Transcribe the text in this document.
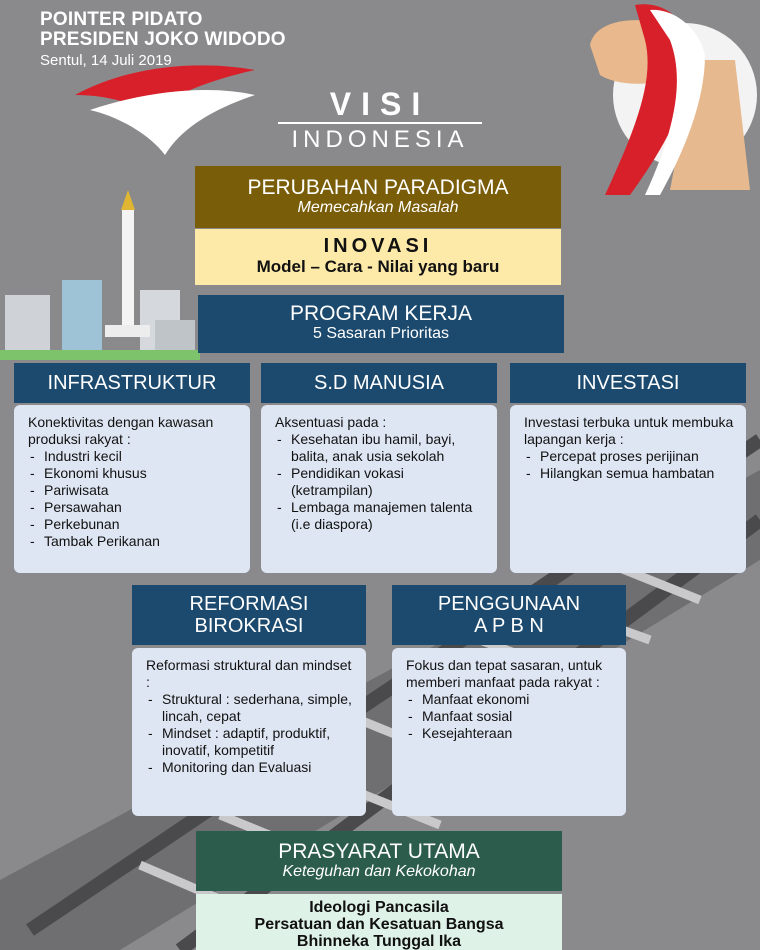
POINTER PIDATO
PRESIDEN JOKO WIDODO
Sentul, 14 Juli 2019
VISI
INDONESIA
PERUBAHAN PARADIGMA
Memecahkan Masalah
INOVASI
Model – Cara - Nilai yang baru
PROGRAM KERJA
5 Sasaran Prioritas
INFRASTRUKTUR
Konektivitas dengan kawasan produksi rakyat :
- Industri kecil
- Ekonomi khusus
- Pariwisata
- Persawahan
- Perkebunan
- Tambak Perikanan
S.D MANUSIA
Aksentuasi pada :
- Kesehatan ibu hamil, bayi, balita, anak usia sekolah
- Pendidikan vokasi (ketrampilan)
- Lembaga manajemen talenta (i.e diaspora)
INVESTASI
Investasi terbuka untuk membuka lapangan kerja :
- Percepat proses perijinan
- Hilangkan semua hambatan
REFORMASI
BIROKRASI
Reformasi struktural dan mindset :
- Struktural : sederhana, simple, lincah, cepat
- Mindset : adaptif, produktif, inovatif, kompetitif
- Monitoring dan Evaluasi
PENGGUNAAN
A P B N
Fokus dan tepat sasaran, untuk memberi manfaat pada rakyat :
- Manfaat ekonomi
- Manfaat sosial
- Kesejahteraan
PRASYARAT UTAMA
Keteguhan dan Kekokohan
Ideologi Pancasila
Persatuan dan Kesatuan Bangsa
Bhinneka Tunggal Ika
